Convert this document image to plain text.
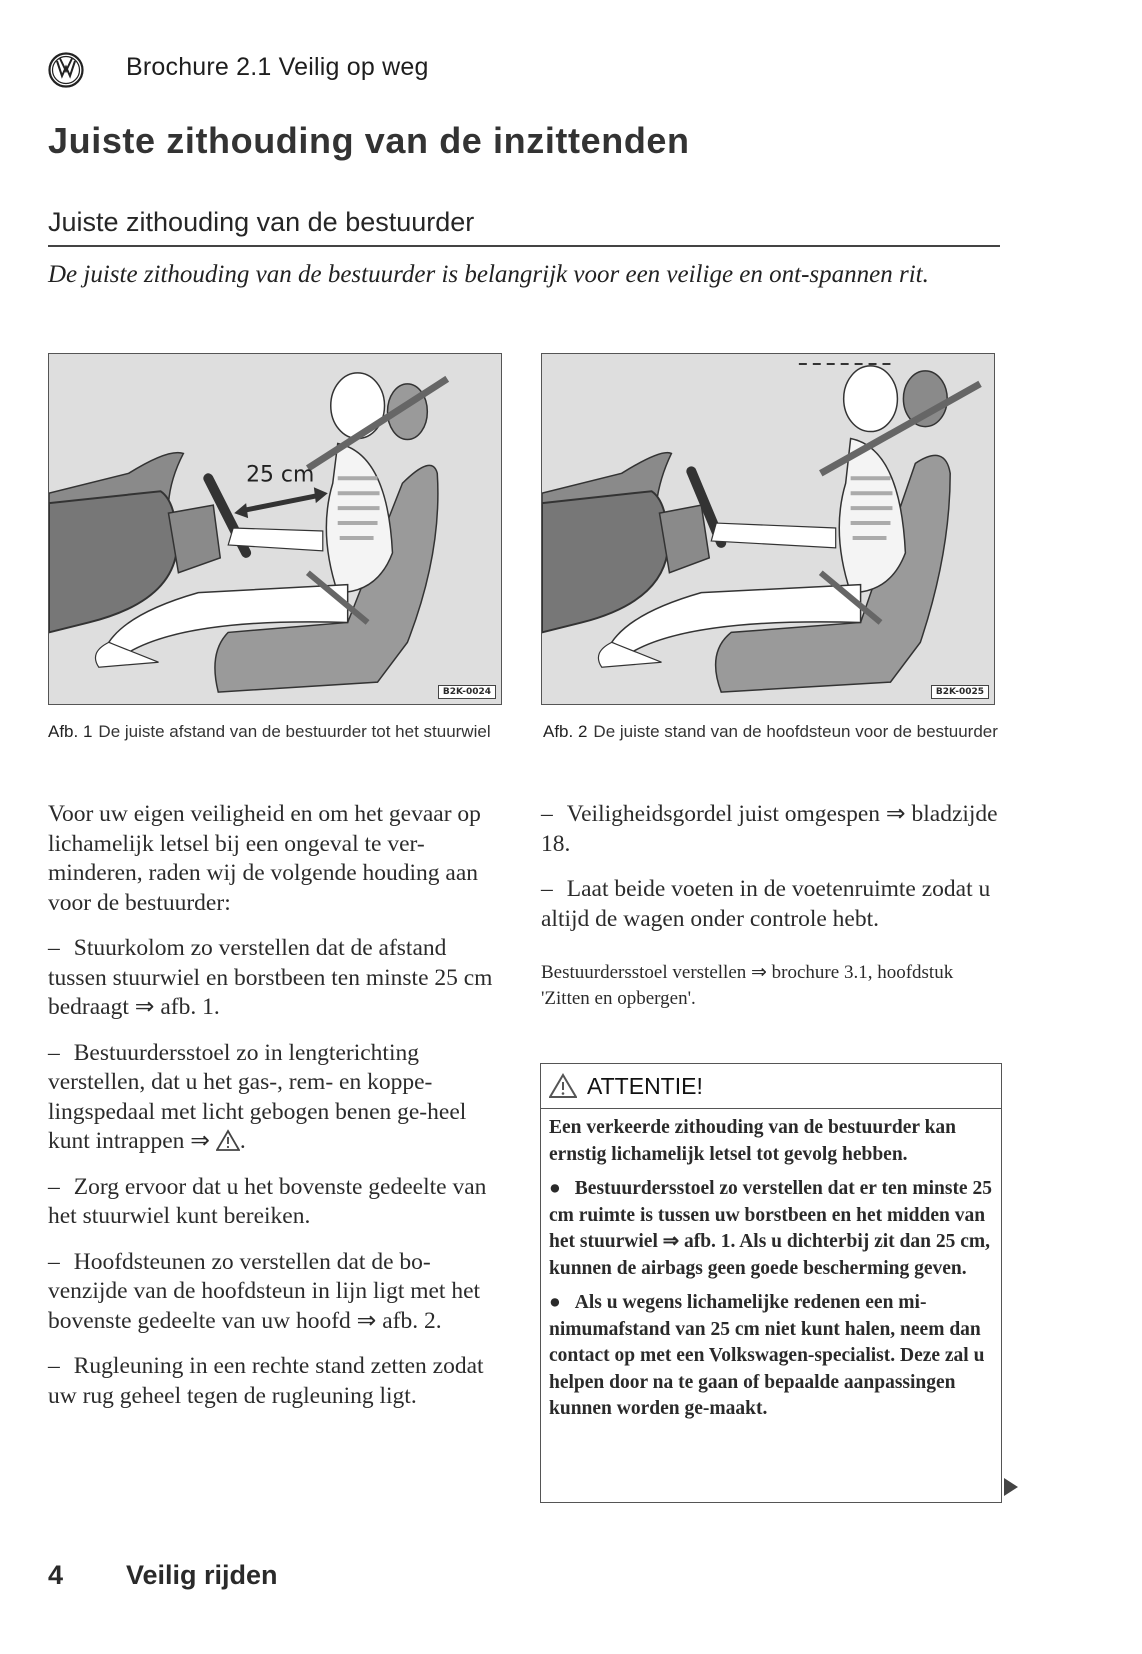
Brochure 2.1 Veilig op weg
Juiste zithouding van de inzittenden
Juiste zithouding van de bestuurder
De juiste zithouding van de bestuurder is belangrijk voor een veilige en ont-spannen rit.
25 cm
B2K-0024	B2K-0025
Afb. 1 De juiste afstand van de bestuurder tot het stuurwiel	Afb. 2 De juiste stand van de hoofdsteun voor de bestuurder

Voor uw eigen veiligheid en om het gevaar op lichamelijk letsel bij een ongeval te ver-minderen, raden wij de volgende houding aan voor de bestuurder:

– Stuurkolom zo verstellen dat de afstand tussen stuurwiel en borstbeen ten minste 25 cm bedraagt ⇒ afb. 1.

– Bestuurdersstoel zo in lengterichting verstellen, dat u het gas-, rem- en koppe-lingspedaal met licht gebogen benen ge-heel kunt intrappen ⇒ .

– Zorg ervoor dat u het bovenste gedeelte van het stuurwiel kunt bereiken.

– Hoofdsteunen zo verstellen dat de bo-venzijde van de hoofdsteun in lijn ligt met het bovenste gedeelte van uw hoofd ⇒ afb. 2.

– Rugleuning in een rechte stand zetten zodat uw rug geheel tegen de rugleuning ligt.

– Veiligheidsgordel juist omgespen ⇒ bladzijde 18.

– Laat beide voeten in de voetenruimte zodat u altijd de wagen onder controle hebt.

Bestuurdersstoel verstellen ⇒ brochure 3.1, hoofdstuk 'Zitten en opbergen'.

ATTENTIE!

Een verkeerde zithouding van de bestuurder kan ernstig lichamelijk letsel tot gevolg hebben.

● Bestuurdersstoel zo verstellen dat er ten minste 25 cm ruimte is tussen uw borstbeen en het midden van het stuurwiel ⇒ afb. 1. Als u dichterbij zit dan 25 cm, kunnen de airbags geen goede bescherming geven.

● Als u wegens lichamelijke redenen een mi-nimumafstand van 25 cm niet kunt halen, neem dan contact op met een Volkswagen-specialist. Deze zal u helpen door na te gaan of bepaalde aanpassingen kunnen worden ge-maakt.

4 Veilig rijden
